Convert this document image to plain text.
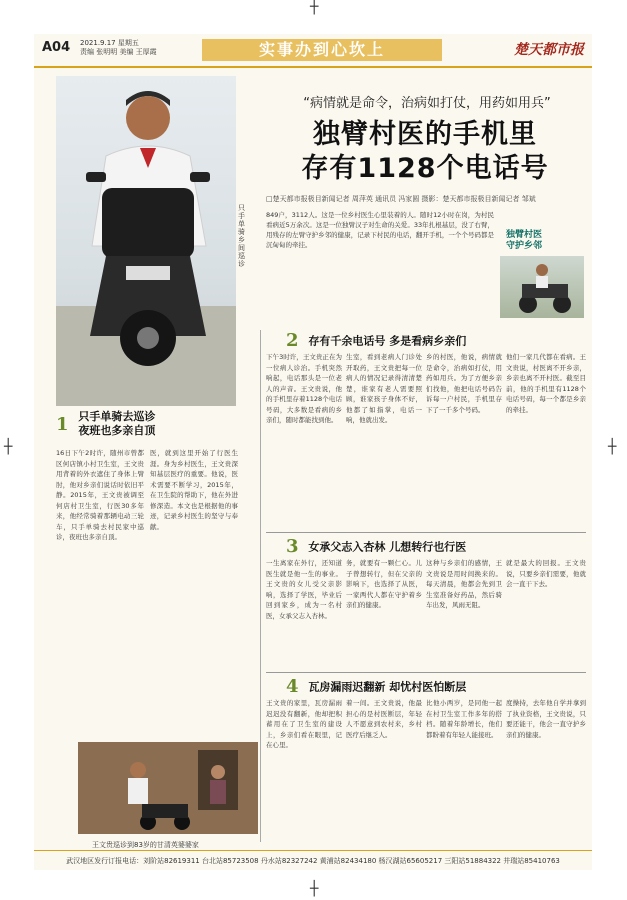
┼
┼	┼
┼
A04 2021.9.17 星期五
责编 张明明 美编 王厚霞	实事办到心坎上	楚天都市报
只手单骑乡间巡诊
“病情就是命令，治病如打仗，用药如用兵”
独臂村医的手机里
存有1128个电话号
□楚天都市报极目新闻记者 周萍英 通讯员 冯家圆 摄影：楚天都市报极目新闻记者 邹斌
849户，3112人。这是一位乡村医生心里装着的人。随时12小时在岗，为村民看病近5万余次。这是一位独臂汉子对生命的关爱。33年扎根基层，没了右臂，用残存的左臂守护乡邻的健康，记录下村民的电话，翻开手机，一个个号码都是沉甸甸的牵挂。
独臂村医
守护乡邻
1 只手单骑去巡诊
夜班也多亲自顶
16日下午2时许，随州市曾都区何店镇小村卫生室，王文贵用背着的外衣遮住了身体上臂肘，他对乡亲们说话时依旧平静。2015年，王文贵被调至何店村卫生室，行医30多年来，他经常骑着那辆电动三轮车，只手单骑去村民家中巡诊，夜班也多亲自顶。
医，就到这里开始了行医生涯。身为乡村医生，王文贵深知基层医疗的重要。他说，医术需要不断学习，2015年，在卫生院的帮助下，他在外进修深造。本文也是根据他的事迹，记录乡村医生的坚守与奉献。
2 存有千余电话号 多是看病乡亲们
下午3时许，王文贵正在为一位病人诊治。手机突然响起，电话那头是一位老人的声音。王文贵说，他的手机里存着1128个电话号码，大多数是看病的乡亲们，随时都能找到他。
生室，看到老病人门诊处开取药，王文贵把每一位病人的情况记录得清清楚楚，谁家有老人需要照顾，谁家孩子身体不好，他都了如指掌，电话一响，他就出发。
乡的村医，他说，病情就是命令，治病如打仗，用药如用兵。为了方便乡亲们找他，他把电话号码告诉每一户村民，手机里存下了一千多个号码。
他们一家几代都在看病。王文贵说，村医离不开乡亲，乡亲也离不开村医。截至目前，他的手机里有1128个电话号码，每一个都是乡亲的牵挂。
3 女承父志入杏林 儿想转行也行医
一生离家在外行，还知道医生就是他一生的事业。王文贵的女儿受父亲影响，选择了学医，毕业后回到家乡，成为一名村医，女承父志入杏林。
务，就要有一颗仁心。儿子曾想转行，但在父亲的影响下，也选择了从医，一家两代人都在守护着乡亲们的健康。
这种与乡亲们的感情，王文贵说是用时间换来的。每天清晨，他都会先到卫生室准备好药品，然后骑车出发，风雨无阻。
就是最大的回报。王文贵说，只要乡亲们需要，他就会一直干下去。
4 瓦房漏雨迟翻新 却忧村医怕断层
王文贵的家里，瓦房漏雨迟迟没有翻新，他却把积蓄用在了卫生室的建设上，乡亲们看在眼里，记在心里。
着一间。王文贵说，他最担心的是村医断层，年轻人不愿意到农村来，乡村医疗后继乏人。
比他小两岁，是同他一起在村卫生室工作多年的搭档。随着年龄增长，他们都盼着有年轻人能接班。
度操持，去年他自学并拿到了执业资格，王文贵说，只要还能干，他会一直守护乡亲们的健康。
王文贵巡诊到83岁的甘清英婆婆家
武汉地区发行订报电话：刘阶站82619311 台北站85723508 丹水站82327242 黄浦站82434180 杨汉湖站65605217 三阳站51884322 井瑞站85410763
